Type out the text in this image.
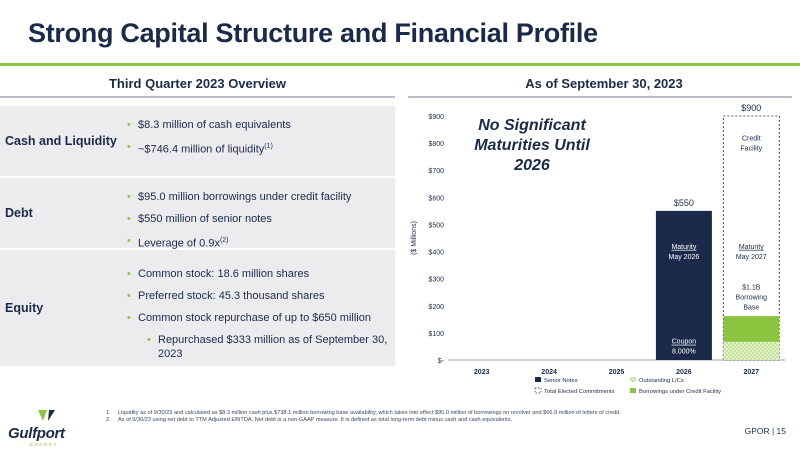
Strong Capital Structure and Financial Profile
Third Quarter 2023 Overview	As of September 30, 2023
Cash and Liquidity
• $8.3 million of cash equivalents
• ~$746.4 million of liquidity$^{(1)}$
Debt
• $95.0 million borrowings under credit facility
• $550 million of senior notes
• Leverage of $0.9x^{(2)}$
Equity
• Common stock: 18.6 million shares
• Preferred stock: 45.3 thousand shares
• Common stock repurchase of up to $650 million
• Repurchased $333 million as of September 30, 2023
$-
$100
$200
$300
$400
$500
$600
$700
$800
$900
($ Millions)
2023	2024	2025	2026	2027
$550
$900
Maturity
May 2026
Coupon
8.000%
Credit
Facility
Maturity
May 2027
$1.1B
Borrowing
Base
Senior Notes
Total Elected Commitments
Outstanding L/Cs
Borrowings under Credit Facility
No Significant Maturities Until 2026
Gulfport
ENERGY
1. Liquidity as of 9/30/23 and calculated as $8.3 million cash plus $738.1 million borrowing base availability, which takes into effect $95.0 million of borrowings on revolver and $66.9 million of letters of credit.
2. As of 9/30/23 using net debt to TTM Adjusted EBITDA. Net debt is a non-GAAP measure. It is defined as total long-term debt minus cash and cash equivalents.
GPOR | 15
